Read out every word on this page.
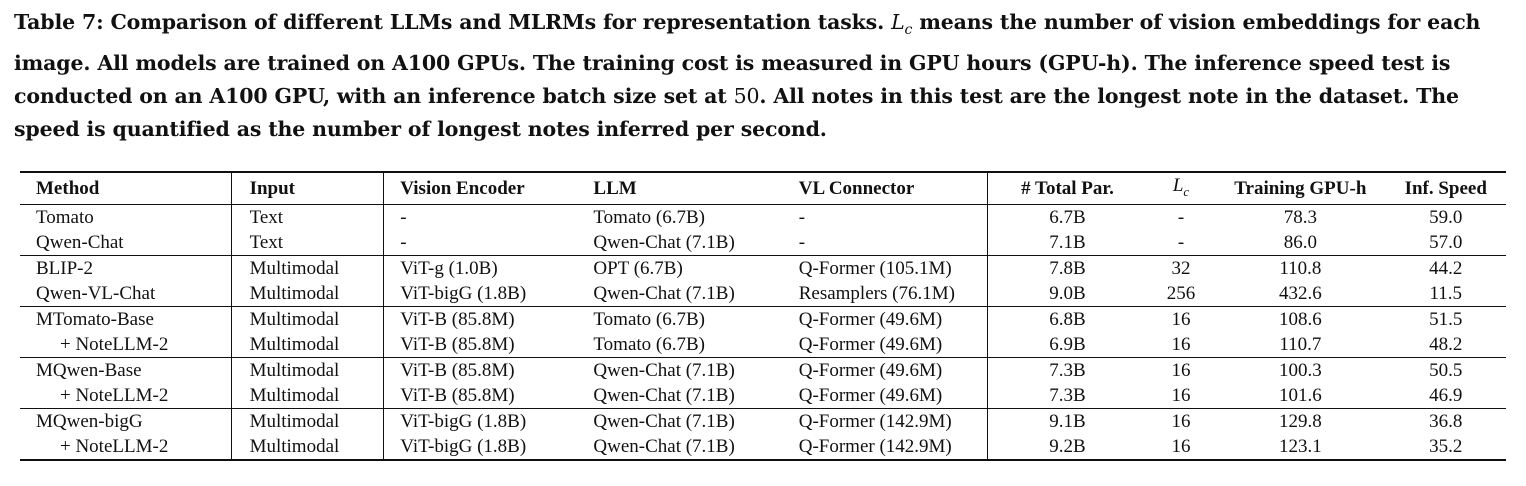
Table 7: Comparison of different LLMs and MLRMs for representation tasks. $L_c$ means the number of vision embeddings for each image. All models are trained on A100 GPUs. The training cost is measured in GPU hours (GPU-h). The inference speed test is conducted on an A100 GPU, with an inference batch size set at 50. All notes in this test are the longest note in the dataset. The speed is quantified as the number of longest notes inferred per second.
Method	Input	Vision Encoder	LLM	VL Connector	# Total Par.	$L_c$	Training GPU-h	Inf. Speed
Tomato	Text	-	Tomato (6.7B)	-	6.7B	-	78.3	59.0
Qwen-Chat	Text	-	Qwen-Chat (7.1B)	-	7.1B	-	86.0	57.0
BLIP-2	Multimodal	ViT-g (1.0B)	OPT (6.7B)	Q-Former (105.1M)	7.8B	32	110.8	44.2
Qwen-VL-Chat	Multimodal	ViT-bigG (1.8B)	Qwen-Chat (7.1B)	Resamplers (76.1M)	9.0B	256	432.6	11.5
MTomato-Base	Multimodal	ViT-B (85.8M)	Tomato (6.7B)	Q-Former (49.6M)	6.8B	16	108.6	51.5
+ NoteLLM-2	Multimodal	ViT-B (85.8M)	Tomato (6.7B)	Q-Former (49.6M)	6.9B	16	110.7	48.2
MQwen-Base	Multimodal	ViT-B (85.8M)	Qwen-Chat (7.1B)	Q-Former (49.6M)	7.3B	16	100.3	50.5
+ NoteLLM-2	Multimodal	ViT-B (85.8M)	Qwen-Chat (7.1B)	Q-Former (49.6M)	7.3B	16	101.6	46.9
MQwen-bigG	Multimodal	ViT-bigG (1.8B)	Qwen-Chat (7.1B)	Q-Former (142.9M)	9.1B	16	129.8	36.8
+ NoteLLM-2	Multimodal	ViT-bigG (1.8B)	Qwen-Chat (7.1B)	Q-Former (142.9M)	9.2B	16	123.1	35.2
